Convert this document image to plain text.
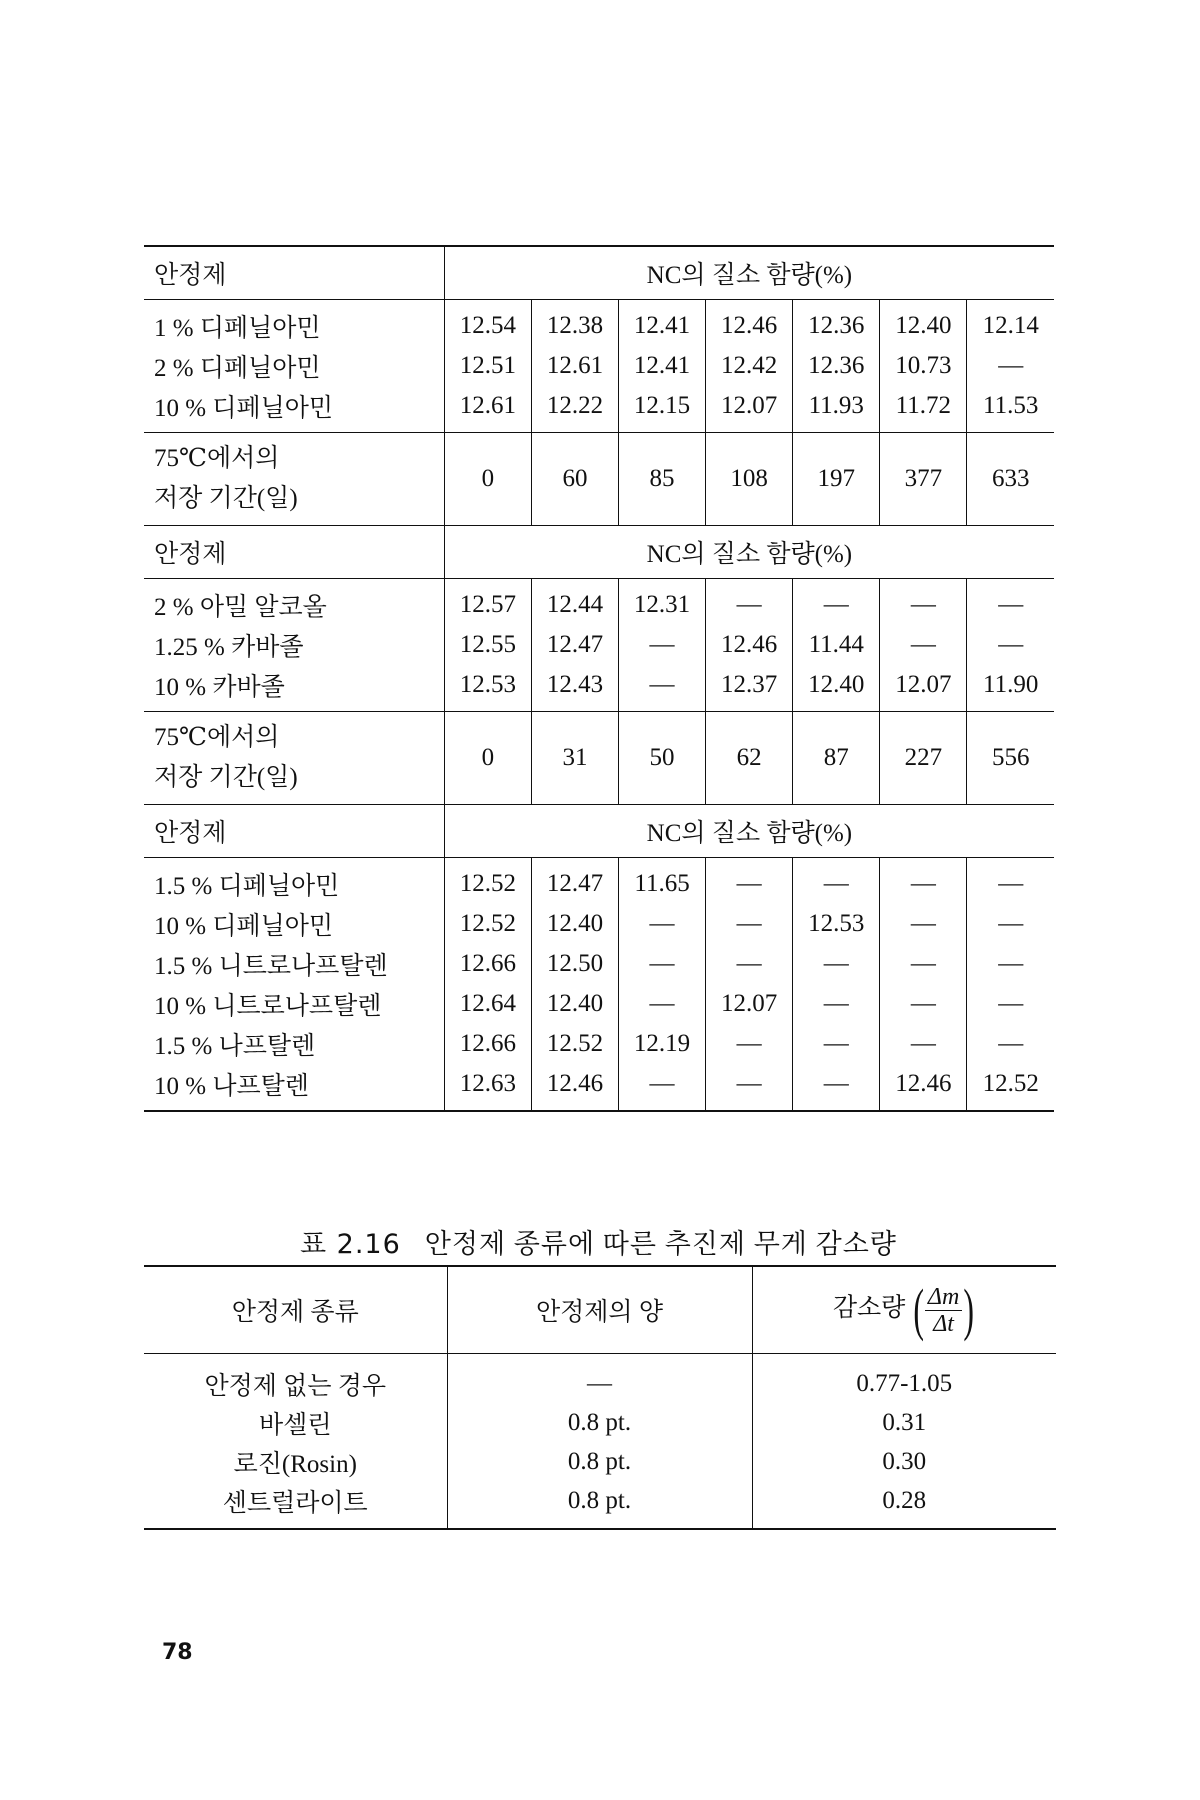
안정제	NC의 질소 함량(%)						
1 % 디페닐아민	12.54	12.38	12.41	12.46	12.36	12.40	12.14
2 % 디페닐아민	12.51	12.61	12.41	12.42	12.36	10.73	—
10 % 디페닐아민	12.61	12.22	12.15	12.07	11.93	11.72	11.53

75℃에서의
저장 기간(일)	0	60	85	108	197	377	633
안정제	NC의 질소 함량(%)						
2 % 아밀 알코올	12.57	12.44	12.31	—	—	—	—
1.25 % 카바졸	12.55	12.47	—	12.46	11.44	—	—
10 % 카바졸	12.53	12.43	—	12.37	12.40	12.07	11.90

75℃에서의
저장 기간(일)	0	31	50	62	87	227	556
안정제	NC의 질소 함량(%)						
1.5 % 디페닐아민	12.52	12.47	11.65	—	—	—	—
10 % 디페닐아민	12.52	12.40	—	—	12.53	—	—
1.5 % 니트로나프탈렌	12.66	12.50	—	—	—	—	—
10 % 니트로나프탈렌	12.64	12.40	—	12.07	—	—	—
1.5 % 나프탈렌	12.66	12.52	12.19	—	—	—	—
10 % 나프탈렌	12.63	12.46	—	—	—	12.46	12.52
표 2.16 안정제 종류에 따른 추진제 무게 감소량
안정제 종류	안정제의 양	감소량 ( $\frac{\Delta m}{\Delta t}$ )

안정제 없는 경우	—	0.77-1.05
바셀린	0.8 pt.	0.31
로진(Rosin)	0.8 pt.	0.30
센트럴라이트	0.8 pt.	0.28
78
